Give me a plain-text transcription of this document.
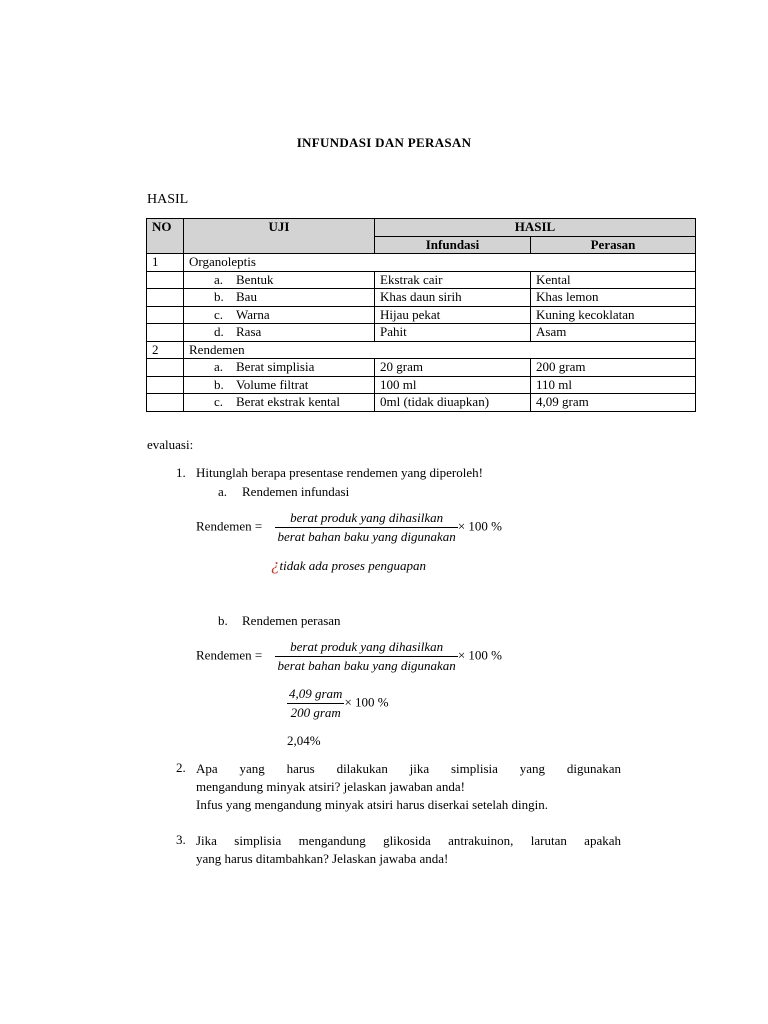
INFUNDASI DAN PERASAN
HASIL
NO	UJI	HASIL	
		Infundasi	Perasan
1	Organoleptis		
	a. Bentuk	Ekstrak cair	Kental
	b. Bau	Khas daun sirih	Khas lemon
	c. Warna	Hijau pekat	Kuning kecoklatan
	d. Rasa	Pahit	Asam
2	Rendemen		
	a. Berat simplisia	20 gram	200 gram
	b. Volume filtrat	100 ml	110 ml
	c. Berat ekstrak kental	0ml (tidak diuapkan)	4,09 gram
evaluasi:
1. Hitunglah berapa presentase rendemen yang diperoleh!
a. Rendemen infundasi
Rendemen = $\frac{\text{berat produk yang dihasilkan}}{\text{berat bahan baku yang digunakan}} \times 100$ %
¿tidak ada proses penguapan
b. Rendemen perasan
Rendemen = $\frac{\text{berat produk yang dihasilkan}}{\text{berat bahan baku yang digunakan}} \times 100$ %
$\frac{\text{4,09 gram}}{\text{200 gram}} \times 100$ %
2,04%
2. Apa yang harus dilakukan jika simplisia yang digunakan
mengandung minyak atsiri? jelaskan jawaban anda!
Infus yang mengandung minyak atsiri harus diserkai setelah dingin.
3. Jika simplisia mengandung glikosida antrakuinon, larutan apakah
yang harus ditambahkan? Jelaskan jawaba anda!
